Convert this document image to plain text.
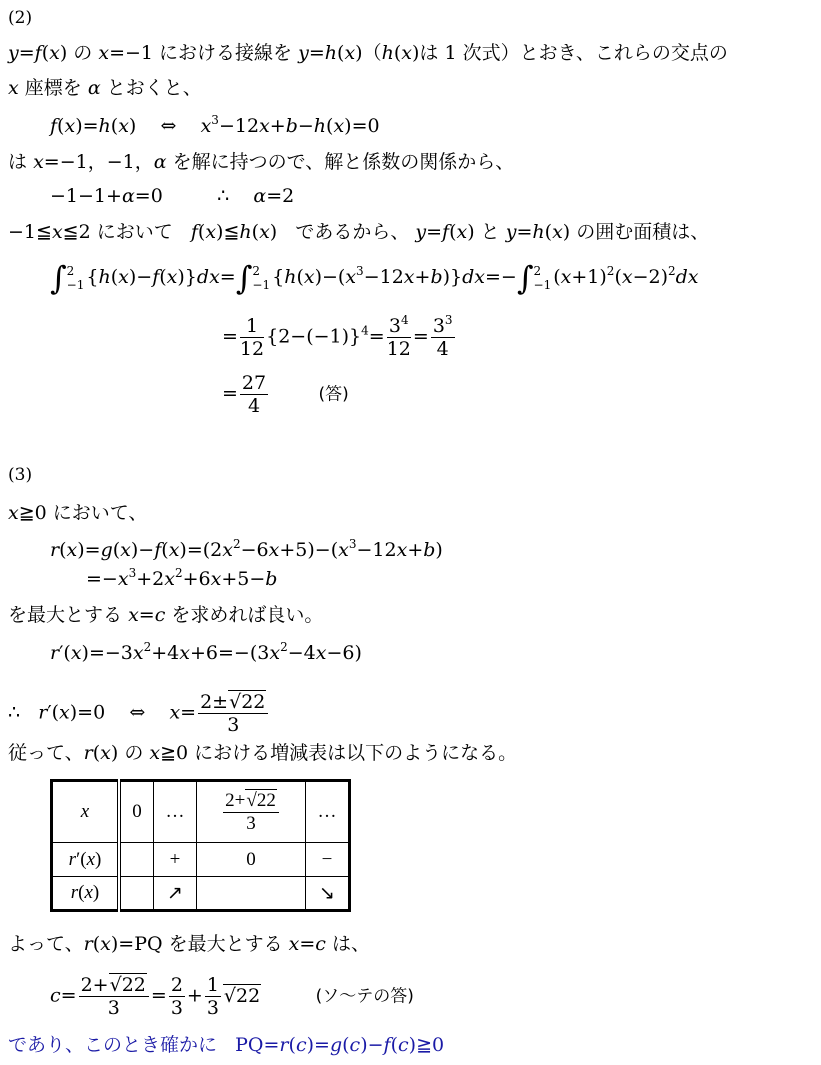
(2)
y=f(x) の x=−1 における接線を y=h(x)（h(x)は 1 次式）とおき、これらの交点の
x 座標を α とおくと、
f(x)=h(x)    ⇔    $x^3-12x+b-h(x)=0$
は x=−1，−1，α を解に持つので、解と係数の関係から、
−1−1+α=0         ∴    α=2
−1≦x≦2 において f(x)≦h(x)   であるから、 y=f(x) と y=h(x) の囲む面積は、
∫ 2
−1 {h(x)−f(x)}dx=∫ 2
−1 $\{h(x)-(x^3-12x+b)\}dx=-\int$ 2
−1 $(x+1)^2(x-2)^2dx$
= $\frac{1}{12} \{2-(-1)\}^4= \frac{3^4}{12} = \frac{3^3}{4}$
= $\frac{27}{4}$	(答)
(3)
x≧0 において、
$r(x)=g(x)-f(x)=(2x^2-6x+5)-(x^3-12x+b)$
$=-x^3+2x^2+6x+5-b$
を最大とする x=c を求めれば良い。
$r'(x)=-3x^2+4x+6=-(3x^2-4x-6)$
∴   r′(x)=0    ⇔    $x= \frac{2\pm√22}{3}$
従って、r(x) の x≧0 における増減表は以下のようになる。
x	0	…	$\frac{2+√22}{3}$	…
r′(x)		+	0	−
r(x)		↗		↘
よって、r(x)=PQ を最大とする x=c は、
$c= \frac{2+√22}{3} = \frac{2}{3} + \frac{1}{3} √22$	(ソ〜テの答)
であり、このとき確かに   PQ=r(c)=g(c)−f(c)≧0
